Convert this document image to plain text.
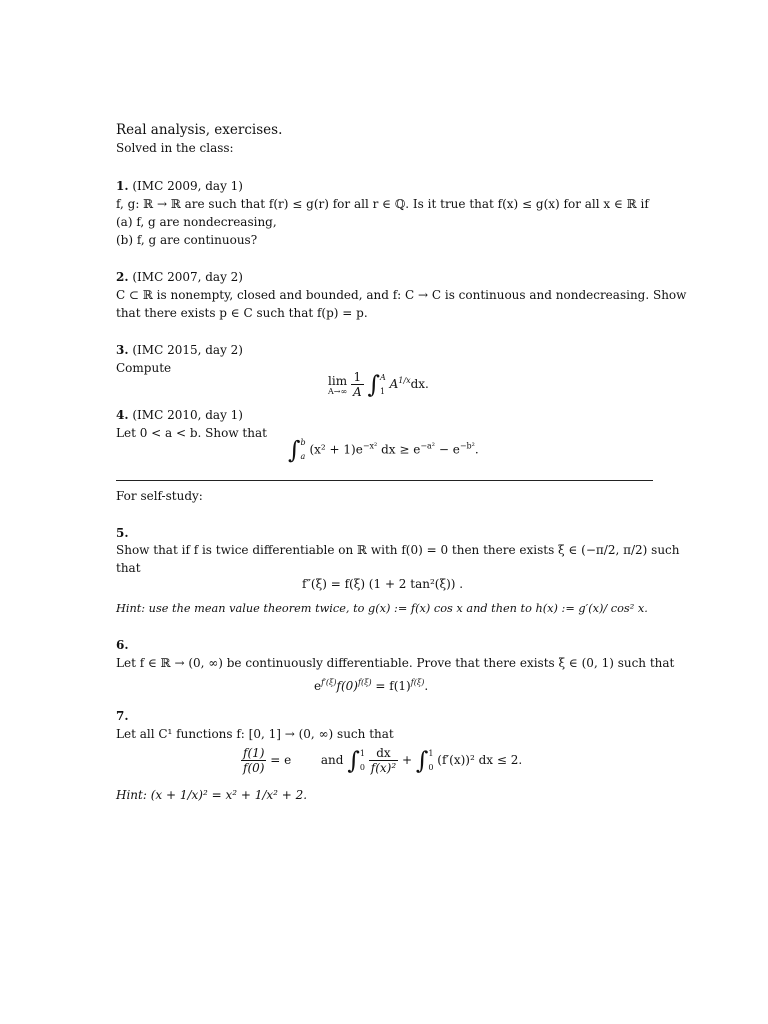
Real analysis, exercises.
Solved in the class:
1. (IMC 2009, day 1)
f, g: ℝ → ℝ are such that f(r) ≤ g(r) for all r ∈ ℚ. Is it true that f(x) ≤ g(x) for all x ∈ ℝ if
(a) f, g are nondecreasing,
(b) f, g are continuous?
2. (IMC 2007, day 2)
C ⊂ ℝ is nonempty, closed and bounded, and f: C → C is continuous and nondecreasing. Show
that there exists p ∈ C such that f(p) = p.
3. (IMC 2015, day 2)
Compute
lim
A→∞
$\frac{1}{A}$ ∫ A
1 $A^{1/x}dx$.
4. (IMC 2010, day 1)
Let 0 < a < b. Show that
∫ b
a $(x^2 + 1)e^{-x^2}$ dx ≥ $e^{-a^2} - e^{-b^2}$.
For self-study:
5.
Show that if f is twice differentiable on ℝ with f(0) = 0 then there exists ξ ∈ (−π/2, π/2) such
that
f″(ξ) = f(ξ) (1 + 2 tan²(ξ)) .
Hint: use the mean value theorem twice, to g(x) := f(x) cos x and then to h(x) := g′(x)/ cos² x.
6.
Let f ∈ ℝ → (0, ∞) be continuously differentiable. Prove that there exists ξ ∈ (0, 1) such that
$e^{f'(\xi)}f(0)^{f(\xi)} = f(1)^{f(\xi)}$.
7.
Let all C¹ functions f: [0, 1] → (0, ∞) such that
$\frac{f(1)}{f(0)} = e$ and ∫ 1
0
$\frac{dx}{\text{f(x)²}}$ + ∫ 1
0 (f′(x))² dx ≤ 2.
Hint: (x + 1/x)² = x² + 1/x² + 2.
